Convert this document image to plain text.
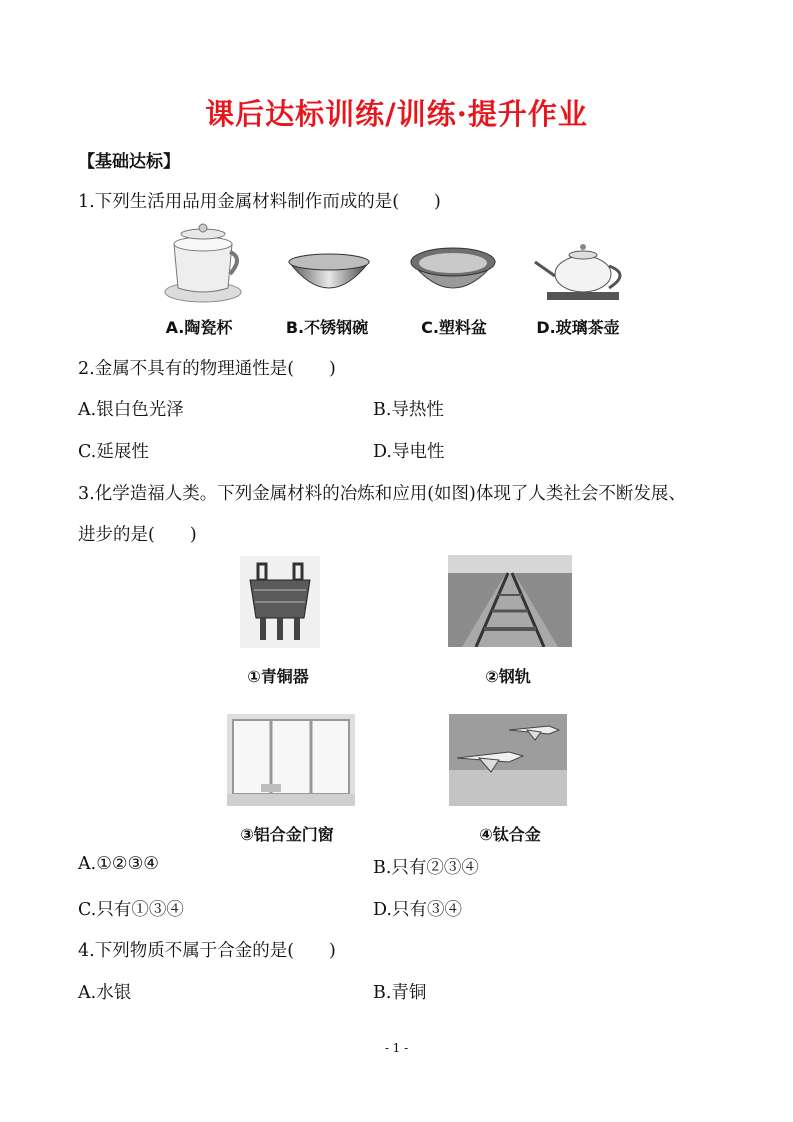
课后达标训练/训练·提升作业
【基础达标】
1.下列生活用品用金属材料制作而成的是(　　)
A.陶瓷杯	B.不锈钢碗	C.塑料盆	D.玻璃茶壶
2.金属不具有的物理通性是(　　)
A.银白色光泽	B.导热性
C.延展性	D.导电性
3.化学造福人类。下列金属材料的冶炼和应用(如图)体现了人类社会不断发展、
进步的是(　　)
①青铜器	②钢轨
③铝合金门窗	④钛合金
A.①②③④	B.只有②③④
C.只有①③④	D.只有③④
4.下列物质不属于合金的是(　　)
A.水银	B.青铜
- 1 -
